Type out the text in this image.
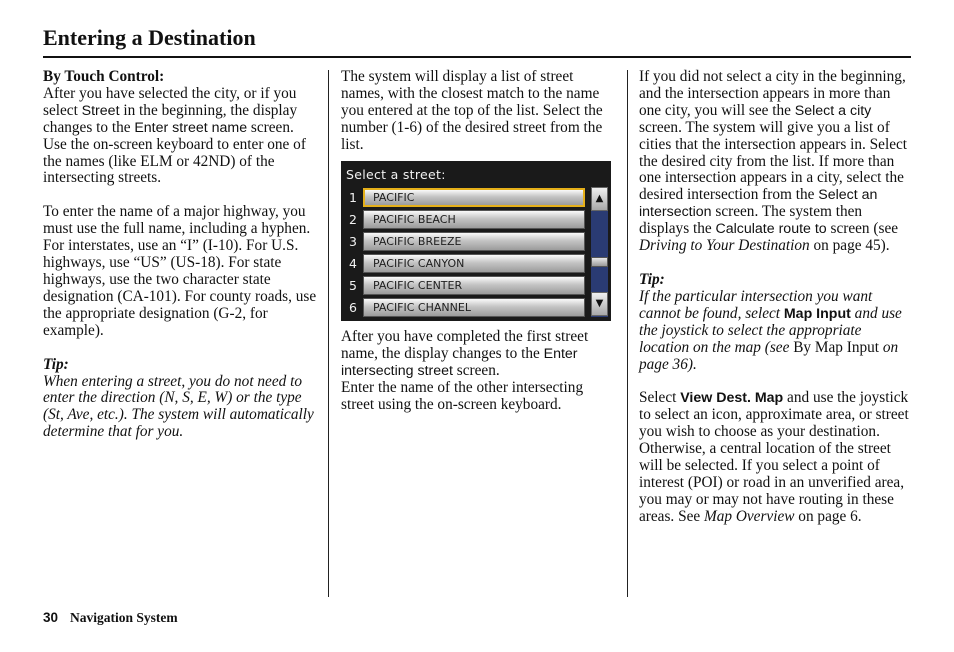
Entering a Destination

By Touch Control:
After you have selected the city, or if you select Street in the beginning, the display changes to the Enter street name screen. Use the on-screen keyboard to enter one of the names (like ELM or 42ND) of the intersecting streets.

To enter the name of a major highway, you must use the full name, including a hyphen. For interstates, use an “I” (I-10). For U.S. highways, use “US” (US-18). For state highways, use the two character state designation (CA-101). For county roads, use the appropriate designation (G-2, for example).

Tip:

When entering a street, you do not need to enter the direction (N, S, E, W) or the type (St, Ave, etc.). The system will automatically determine that for you.

The system will display a list of street names, with the closest match to the name you entered at the top of the list. Select the number (1-6) of the desired street from the list.

Select a street:
1	PACIFIC
2	PACIFIC BEACH
3	PACIFIC BREEZE
4	PACIFIC CANYON
5	PACIFIC CENTER
6	PACIFIC CHANNEL
▲
▼

After you have completed the first street name, the display changes to the Enter intersecting street screen.
Enter the name of the other intersecting street using the on-screen keyboard.

If you did not select a city in the beginning, and the intersection appears in more than one city, you will see the Select a city screen. The system will give you a list of cities that the intersection appears in. Select the desired city from the list. If more than one intersection appears in a city, select the desired intersection from the Select an intersection screen. The system then displays the Calculate route to screen (see Driving to Your Destination on page 45).

Tip:

If the particular intersection you want cannot be found, select Map Input and use the joystick to select the appropriate location on the map (see By Map Input on page 36).

Select View Dest. Map and use the joystick to select an icon, approximate area, or street you wish to choose as your destination. Otherwise, a central location of the street will be selected. If you select a point of interest (POI) or road in an unverified area, you may or may not have routing in these areas. See Map Overview on page 6.

30 Navigation System
